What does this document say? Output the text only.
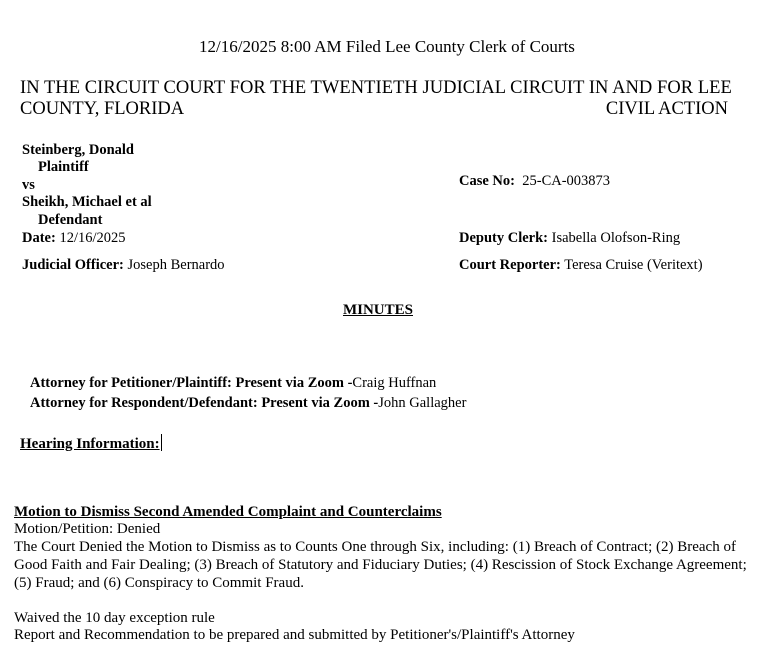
12/16/2025 8:00 AM Filed Lee County Clerk of Courts
IN THE CIRCUIT COURT FOR THE TWENTIETH JUDICIAL CIRCUIT IN AND FOR LEE
COUNTY, FLORIDA	CIVIL ACTION
Steinberg, Donald
Plaintiff
vs
Sheikh, Michael et al
Defendant
Case No: 25-CA-003873
Date: 12/16/2025	Deputy Clerk: Isabella Olofson-Ring
Judicial Officer: Joseph Bernardo	Court Reporter: Teresa Cruise (Veritext)
MINUTES
Attorney for Petitioner/Plaintiff: Present via Zoom -Craig Huffnan
Attorney for Respondent/Defendant: Present via Zoom -John Gallagher
Hearing Information:
Motion to Dismiss Second Amended Complaint and Counterclaims
Motion/Petition: Denied
The Court Denied the Motion to Dismiss as to Counts One through Six, including: (1) Breach of Contract; (2) Breach of
Good Faith and Fair Dealing; (3) Breach of Statutory and Fiduciary Duties; (4) Rescission of Stock Exchange Agreement;
(5) Fraud; and (6) Conspiracy to Commit Fraud.
Waived the 10 day exception rule
Report and Recommendation to be prepared and submitted by Petitioner's/Plaintiff's Attorney
